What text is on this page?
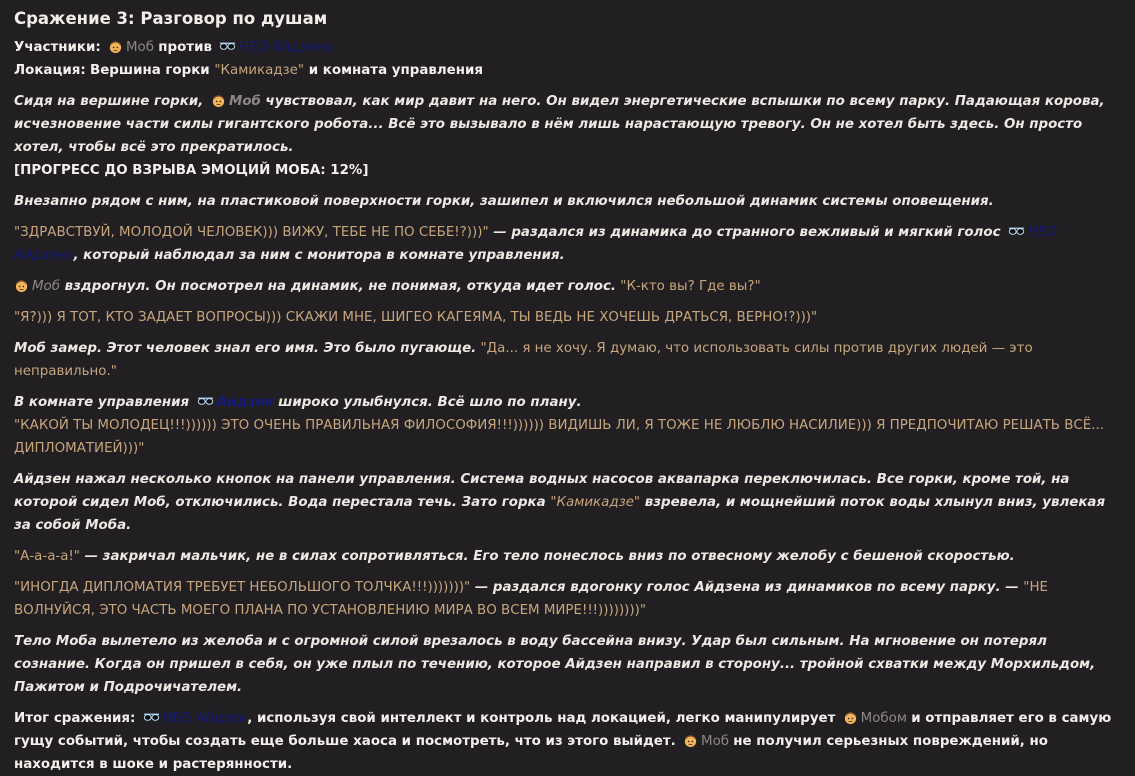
Сражение 3: Разговор по душам

Участники: Моб против НЕО Айдзена

Локация: Вершина горки "Камикадзе" и комната управления

Сидя на вершине горки, Моб чувствовал, как мир давит на него. Он видел энергетические вспышки по всему парку. Падающая корова, исчезновение части силы гигантского робота... Всё это вызывало в нём лишь нарастающую тревогу. Он не хотел быть здесь. Он просто хотел, чтобы всё это прекратилось.

[ПРОГРЕСС ДО ВЗРЫВА ЭМОЦИЙ МОБА: 12%]

Внезапно рядом с ним, на пластиковой поверхности горки, зашипел и включился небольшой динамик системы оповещения.

"ЗДРАВСТВУЙ, МОЛОДОЙ ЧЕЛОВЕК))) ВИЖУ, ТЕБЕ НЕ ПО СЕБЕ!?)))" — раздался из динамика до странного вежливый и мягкий голос НЕО Айдзено, который наблюдал за ним с монитора в комнате управления.

Моб вздрогнул. Он посмотрел на динамик, не понимая, откуда идет голос. "К-кто вы? Где вы?"

"Я?))) Я ТОТ, КТО ЗАДАЕТ ВОПРОСЫ))) СКАЖИ МНЕ, ШИГЕО КАГЕЯМА, ТЫ ВЕДЬ НЕ ХОЧЕШЬ ДРАТЬСЯ, ВЕРНО!?)))"

Моб замер. Этот человек знал его имя. Это было пугающе. "Да... я не хочу. Я думаю, что использовать силы против других людей — это неправильно."

В комнате управления Айдзен широко улыбнулся. Всё шло по плану.

"КАКОЙ ТЫ МОЛОДЕЦ!!!)))))) ЭТО ОЧЕНЬ ПРАВИЛЬНАЯ ФИЛОСОФИЯ!!!)))))) ВИДИШЬ ЛИ, Я ТОЖЕ НЕ ЛЮБЛЮ НАСИЛИЕ))) Я ПРЕДПОЧИТАЮ РЕШАТЬ ВСЁ... ДИПЛОМАТИЕЙ)))"

Айдзен нажал несколько кнопок на панели управления. Система водных насосов аквапарка переключилась. Все горки, кроме той, на которой сидел Моб, отключились. Вода перестала течь. Зато горка "Камикадзе" взревела, и мощнейший поток воды хлынул вниз, увлекая за собой Моба.

"А-а-а-а!" — закричал мальчик, не в силах сопротивляться. Его тело понеслось вниз по отвесному желобу с бешеной скоростью.

"ИНОГДА ДИПЛОМАТИЯ ТРЕБУЕТ НЕБОЛЬШОГО ТОЛЧКА!!!)))))))" — раздался вдогонку голос Айдзена из динамиков по всему парку. — "НЕ ВОЛНУЙСЯ, ЭТО ЧАСТЬ МОЕГО ПЛАНА ПО УСТАНОВЛЕНИЮ МИРА ВО ВСЕМ МИРЕ!!!))))))))"

Тело Моба вылетело из желоба и с огромной силой врезалось в воду бассейна внизу. Удар был сильным. На мгновение он потерял сознание. Когда он пришел в себя, он уже плыл по течению, которое Айдзен направил в сторону... тройной схватки между Морхильдом, Пажитом и Подрочичателем.

Итог сражения: НЕО Айдзен, используя свой интеллект и контроль над локацией, легко манипулирует Мобом и отправляет его в самую гущу событий, чтобы создать еще больше хаоса и посмотреть, что из этого выйдет. Моб не получил серьезных повреждений, но находится в шоке и растерянности.
